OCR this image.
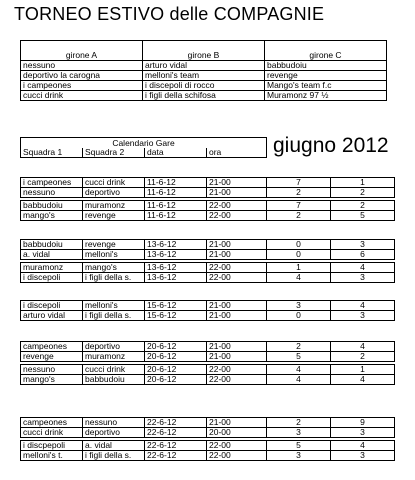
TORNEO ESTIVO delle COMPAGNIE
girone A	girone B	girone C
nessuno	arturo vidal	babbudoiu
deportivo la carogna	melloni's team	revenge
i campeones	i discepoli di rocco	Mango's team f.c
cucci drink	i figli della schifosa	Muramonz 97 ½
Calendario Gare
Squadra 1	Squadra 2	data	ora giugno 2012
i campeones	cucci drink	11-6-12	21-00	7	1
nessuno	deportivo	11-6-12	21-00	2	2

babbudoiu	muramonz	11-6-12	22-00	7	2
mango's	revenge	11-6-12	22-00	2	5
babbudoiu	revenge	13-6-12	21-00	0	3
a. vidal	melloni's	13-6-12	21-00	0	6

muramonz	mango's	13-6-12	22-00	1	4
i discepoli	i figli della s.	13-6-12	22-00	4	3
i discepoli	melloni's	15-6-12	21-00	3	4
arturo vidal	i figli della s.	15-6-12	21-00	0	3
campeones	deportivo	20-6-12	21-00	2	4
revenge	muramonz	20-6-12	21-00	5	2

nessuno	cucci drink	20-6-12	22-00	4	1
mango's	babbudoiu	20-6-12	22-00	4	4
campeones	nessuno	22-6-12	21-00	2	9
cucci drink	deportivo	22-6-12	20-00	3	3

i discpepoli	a. vidal	22-6-12	22-00	5	4
melloni's t.	i figli della s.	22-6-12	22-00	3	3
